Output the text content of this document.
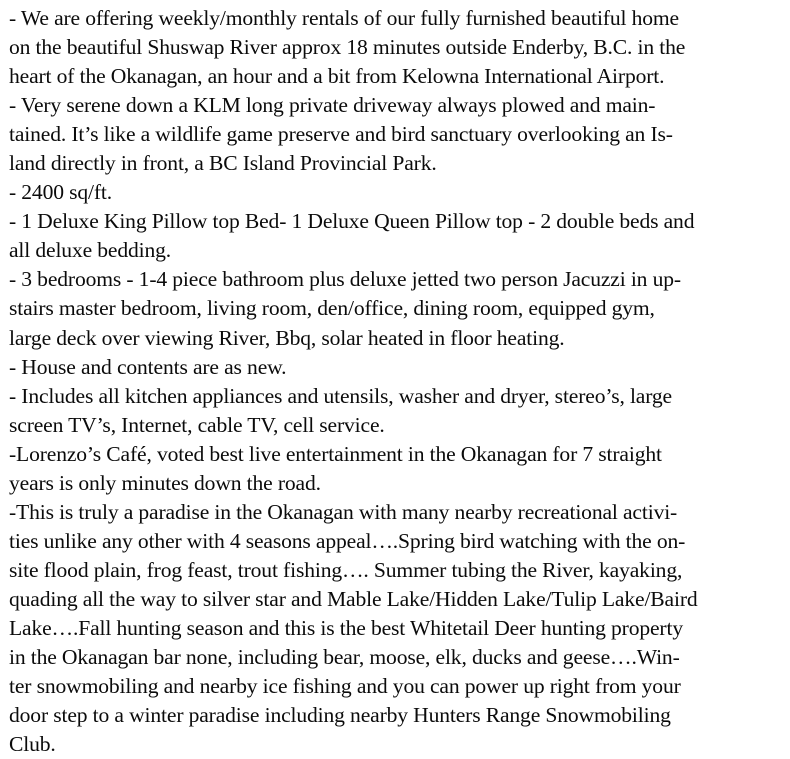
- We are offering weekly/monthly rentals of our fully furnished beautiful home

on the beautiful Shuswap River approx 18 minutes outside Enderby, B.C. in the

heart of the Okanagan, an hour and a bit from Kelowna International Airport.

- Very serene down a KLM long private driveway always plowed and main-

tained. It’s like a wildlife game preserve and bird sanctuary overlooking an Is-

land directly in front, a BC Island Provincial Park.

- 2400 sq/ft.

- 1 Deluxe King Pillow top Bed- 1 Deluxe Queen Pillow top - 2 double beds and

all deluxe bedding.

- 3 bedrooms - 1-4 piece bathroom plus deluxe jetted two person Jacuzzi in up-

stairs master bedroom, living room, den/office, dining room, equipped gym,

large deck over viewing River, Bbq, solar heated in floor heating.

- House and contents are as new.

- Includes all kitchen appliances and utensils, washer and dryer, stereo’s, large

screen TV’s, Internet, cable TV, cell service.

-Lorenzo’s Café, voted best live entertainment in the Okanagan for 7 straight

years is only minutes down the road.

-This is truly a paradise in the Okanagan with many nearby recreational activi-

ties unlike any other with 4 seasons appeal….Spring bird watching with the on-

site flood plain, frog feast, trout fishing…. Summer tubing the River, kayaking,

quading all the way to silver star and Mable Lake/Hidden Lake/Tulip Lake/Baird

Lake….Fall hunting season and this is the best Whitetail Deer hunting property

in the Okanagan bar none, including bear, moose, elk, ducks and geese….Win-

ter snowmobiling and nearby ice fishing and you can power up right from your

door step to a winter paradise including nearby Hunters Range Snowmobiling

Club.
